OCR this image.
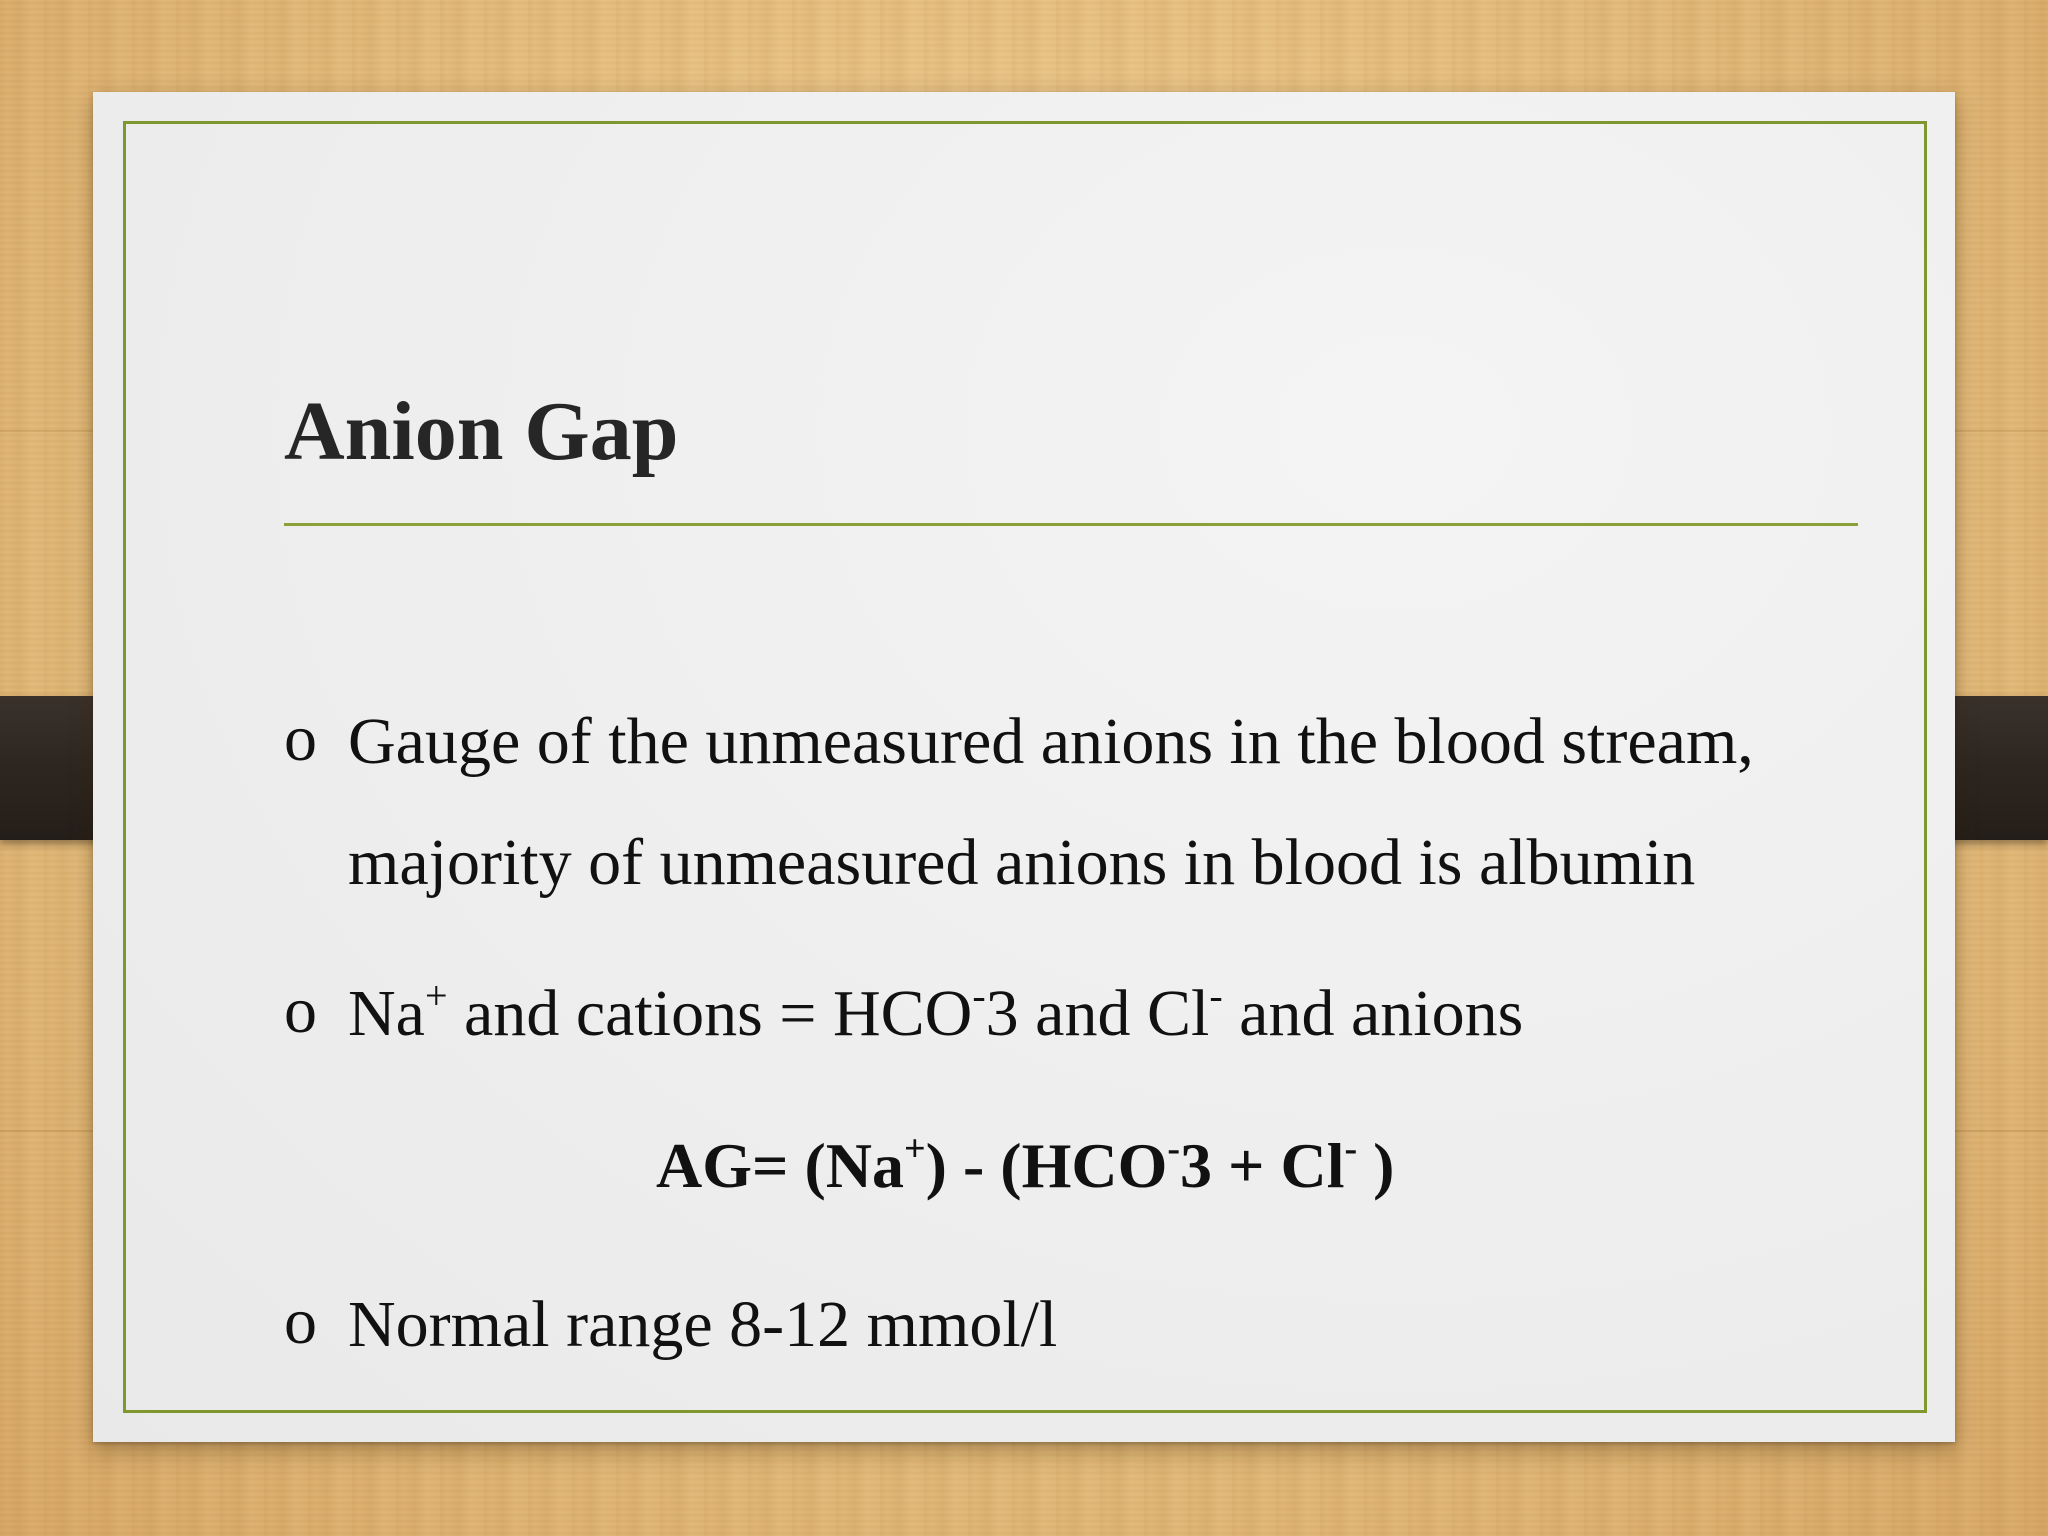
Anion Gap
o Gauge of the unmeasured anions in the blood stream,
majority of unmeasured anions in blood is albumin
o Na+ and cations = HCO-3 and Cl- and anions
AG= (Na+) - (HCO-3 + Cl- )
o Normal range 8-12 mmol/l
